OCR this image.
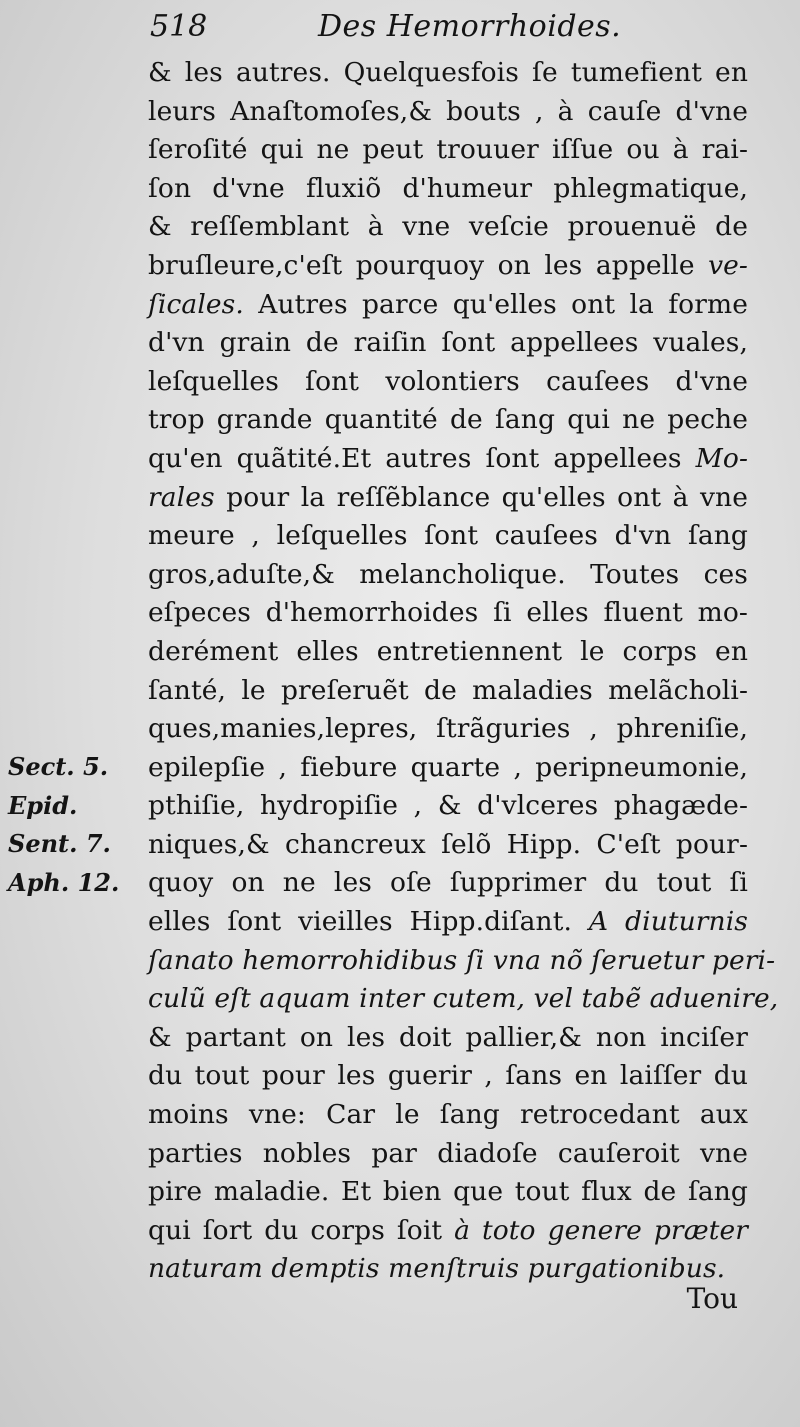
518	Des Hemorrhoides.
& les autres. Quelquesfois ſe tumefient en
leurs Anaſtomoſes,& bouts , à cauſe d'vne
ſeroſité qui ne peut trouuer iſſue ou à rai-
ſon d'vne fluxiõ d'humeur phlegmatique,
& reſſemblant à vne veſcie prouenuë de
bruſleure,c'eſt pourquoy on les appelle ve-
ſicales. Autres parce qu'elles ont la forme
d'vn grain de raiſin ſont appellees vuales,
leſquelles ſont volontiers cauſees d'vne
trop grande quantité de ſang qui ne peche
qu'en quãtité.Et autres ſont appellees Mo-
rales pour la reſſẽblance qu'elles ont à vne
meure , leſquelles ſont cauſees d'vn ſang
gros,aduſte,& melancholique. Toutes ces
eſpeces d'hemorrhoides ſi elles fluent mo-
derément elles entretiennent le corps en
ſanté, le preſeruẽt de maladies melãcholi-
ques,manies,lepres, ſtrãguries , phreniſie,
epilepſie , fiebure quarte , peripneumonie,
pthiſie, hydropiſie , & d'vlceres phagæde-
niques,& chancreux ſelõ Hipp. C'eſt pour-
quoy on ne les oſe ſupprimer du tout ſi
elles ſont vieilles Hipp.diſant. A diuturnis
ſanato hemorrohidibus ſi vna nõ ſeruetur peri-
culũ eſt aquam inter cutem, vel tabẽ aduenire,
& partant on les doit pallier,& non inciſer
du tout pour les guerir , ſans en laiſſer du
moins vne: Car le ſang retrocedant aux
parties nobles par diadoſe cauſeroit vne
pire maladie. Et bien que tout flux de ſang
qui ſort du corps ſoit à toto genere præter
naturam demptis menſtruis purgationibus.
Sect. 5.
Epid.
Sent. 7.
Aph. 12.
Tou
